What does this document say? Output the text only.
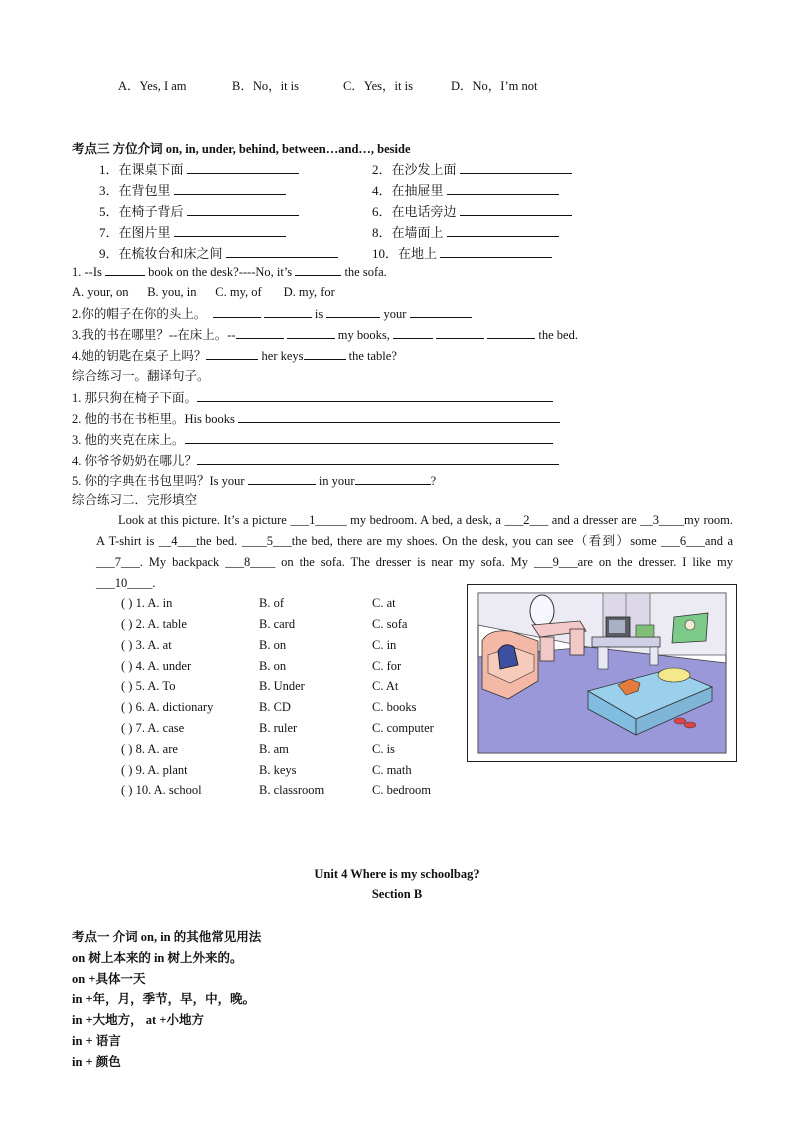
A．Yes, I am	B．No，it is	C．Yes，it is	D．No，I’m not
考点三 方位介词 on, in, under, behind, between…and…, beside
1．在课桌下面	2．在沙发上面
3．在背包里	4．在抽屉里
5．在椅子背后	6．在电话旁边
7．在图片里	8．在墙面上
9．在梳妆台和床之间	10．在地上
1. --Is	book on the desk?----No, it’s	the sofa.
A. your, on B. you, in C. my, of D. my, for
2.你的帽子在你的头上。	is	your
3.我的书在哪里？--在床上。--	my books,	the bed.
4.她的钥匙在桌子上吗？	her keys	the table?
综合练习一。翻译句子。
1. 那只狗在椅子下面。
2. 他的书在书柜里。His books
3. 他的夹克在床上。
4. 你爷爷奶奶在哪儿？
5. 你的字典在书包里吗？Is your	in your	?
综合练习二．完形填空
Look at this picture. It’s a picture ___1_____ my bedroom. A bed, a desk, a ___2___ and a dresser are __3____my room. A T-shirt is __4___the bed. ____5___the bed, there are my shoes. On the desk, you can see（看到）some ___6___and a ___7___. My backpack ___8____ on the sofa. The dresser is near my sofa. My ___9___are on the dresser. I like my ___10____.
( ) 1. A. in	B. of	C. at
( ) 2. A. table	B. card	C. sofa
( ) 3. A. at	B. on	C. in
( ) 4. A. under	B. on	C. for
( ) 5. A. To	B. Under	C. At
( ) 6. A. dictionary	B. CD	C. books
( ) 7. A. case	B. ruler	C. computer
( ) 8. A. are	B. am	C. is
( ) 9. A. plant	B. keys	C. math
( ) 10. A. school	B. classroom	C. bedroom
Unit 4 Where is my schoolbag?
Section B
考点一 介词 on, in 的其他常见用法
on 树上本来的 in 树上外来的。
on +具体一天
in +年，月，季节，早，中，晚。
in +大地方， at +小地方
in + 语言
in + 颜色
